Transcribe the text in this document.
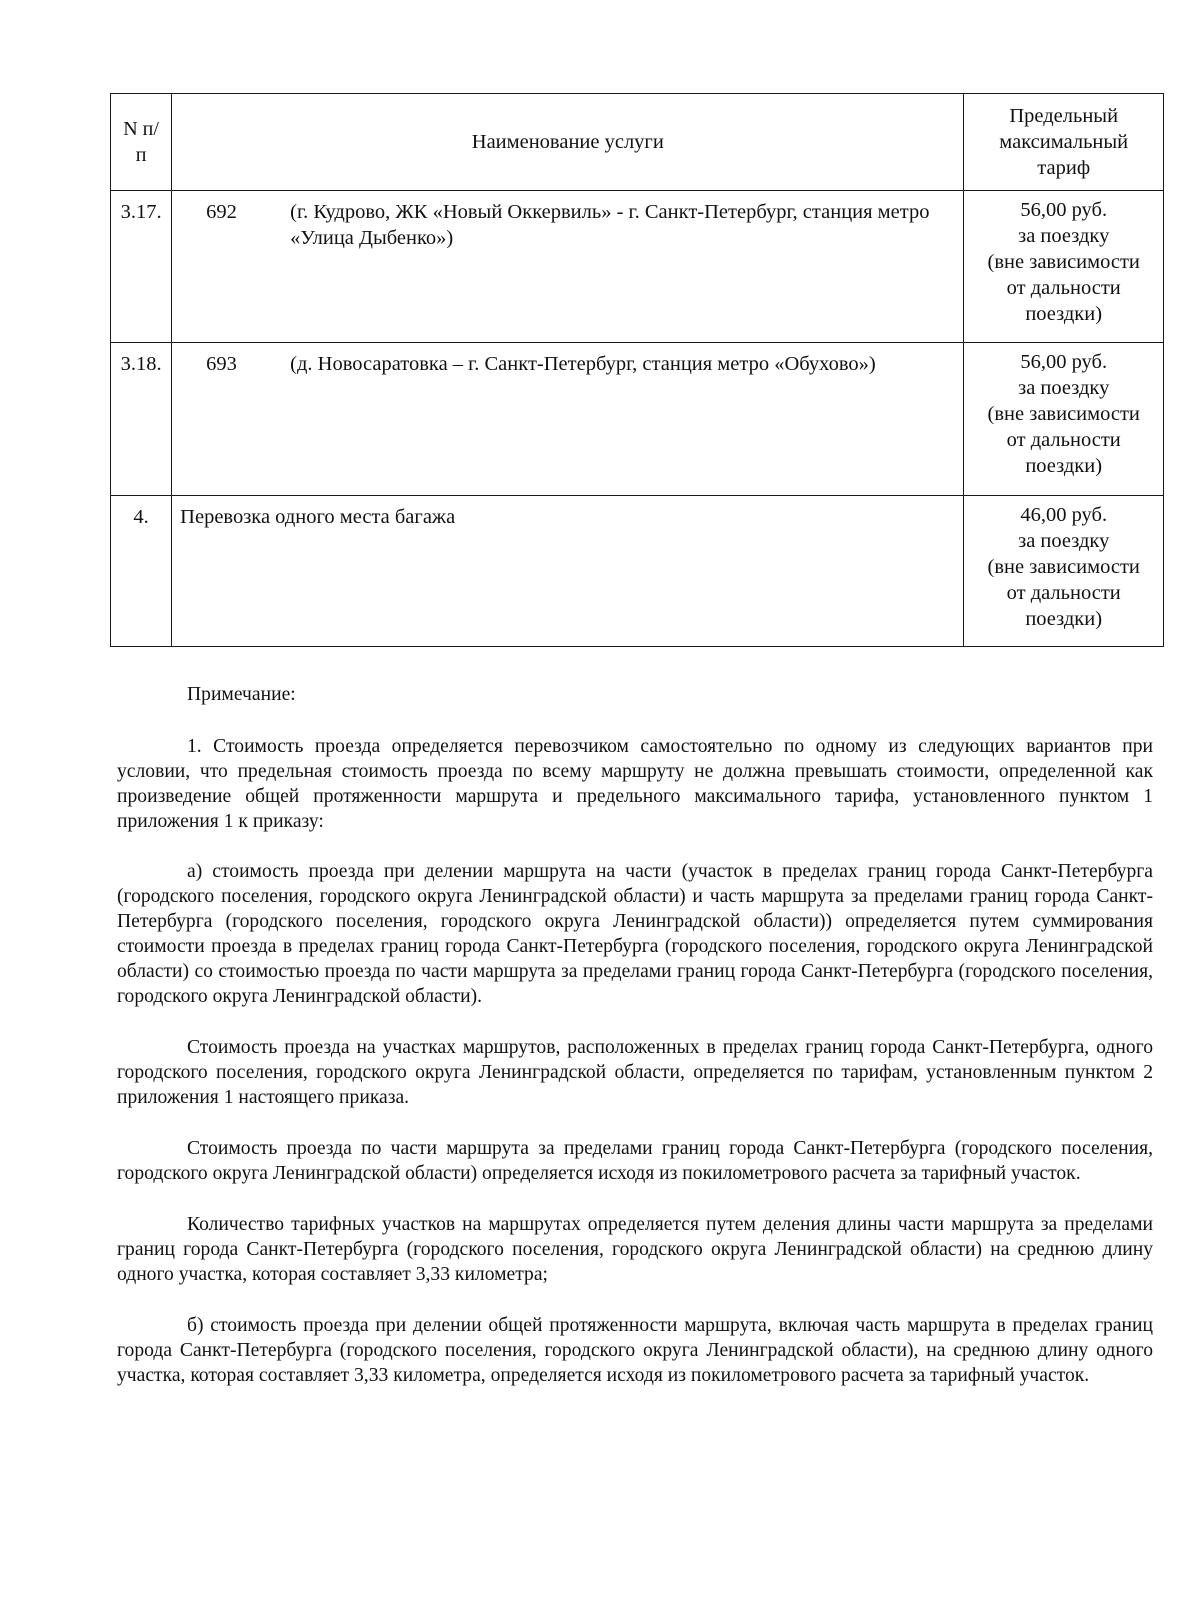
N п/п	Наименование услуги	Предельный
максимальный
тариф

3.17.	692 (г. Кудрово, ЖК «Новый Оккервиль» - г. Санкт-Петербург, станция метро «Улица Дыбенко»)	56,00 руб.
за поездку
(вне зависимости
от дальности
поездки)

3.18.	693 (д. Новосаратовка – г. Санкт-Петербург, станция метро «Обухово»)	56,00 руб.
за поездку
(вне зависимости
от дальности
поездки)

4.	Перевозка одного места багажа	46,00 руб.
за поездку
(вне зависимости
от дальности
поездки)

Примечание:

1. Стоимость проезда определяется перевозчиком самостоятельно по одному из следующих вариантов при условии, что предельная стоимость проезда по всему маршруту не должна превышать стоимости, определенной как произведение общей протяженности маршрута и предельного максимального тарифа, установленного пунктом 1 приложения 1 к приказу:

а) стоимость проезда при делении маршрута на части (участок в пределах границ города Санкт-Петербурга (городского поселения, городского округа Ленинградской области) и часть маршрута за пределами границ города Санкт-Петербурга (городского поселения, городского округа Ленинградской области)) определяется путем суммирования стоимости проезда в пределах границ города Санкт-Петербурга (городского поселения, городского округа Ленинградской области) со стоимостью проезда по части маршрута за пределами границ города Санкт-Петербурга (городского поселения, городского округа Ленинградской области).

Стоимость проезда на участках маршрутов, расположенных в пределах границ города Санкт-Петербурга, одного городского поселения, городского округа Ленинградской области, определяется по тарифам, установленным пунктом 2 приложения 1 настоящего приказа.

Стоимость проезда по части маршрута за пределами границ города Санкт-Петербурга (городского поселения, городского округа Ленинградской области) определяется исходя из покилометрового расчета за тарифный участок.

Количество тарифных участков на маршрутах определяется путем деления длины части маршрута за пределами границ города Санкт-Петербурга (городского поселения, городского округа Ленинградской области) на среднюю длину одного участка, которая составляет 3,33 километра;

б) стоимость проезда при делении общей протяженности маршрута, включая часть маршрута в пределах границ города Санкт-Петербурга (городского поселения, городского округа Ленинградской области), на среднюю длину одного участка, которая составляет 3,33 километра, определяется исходя из покилометрового расчета за тарифный участок.
